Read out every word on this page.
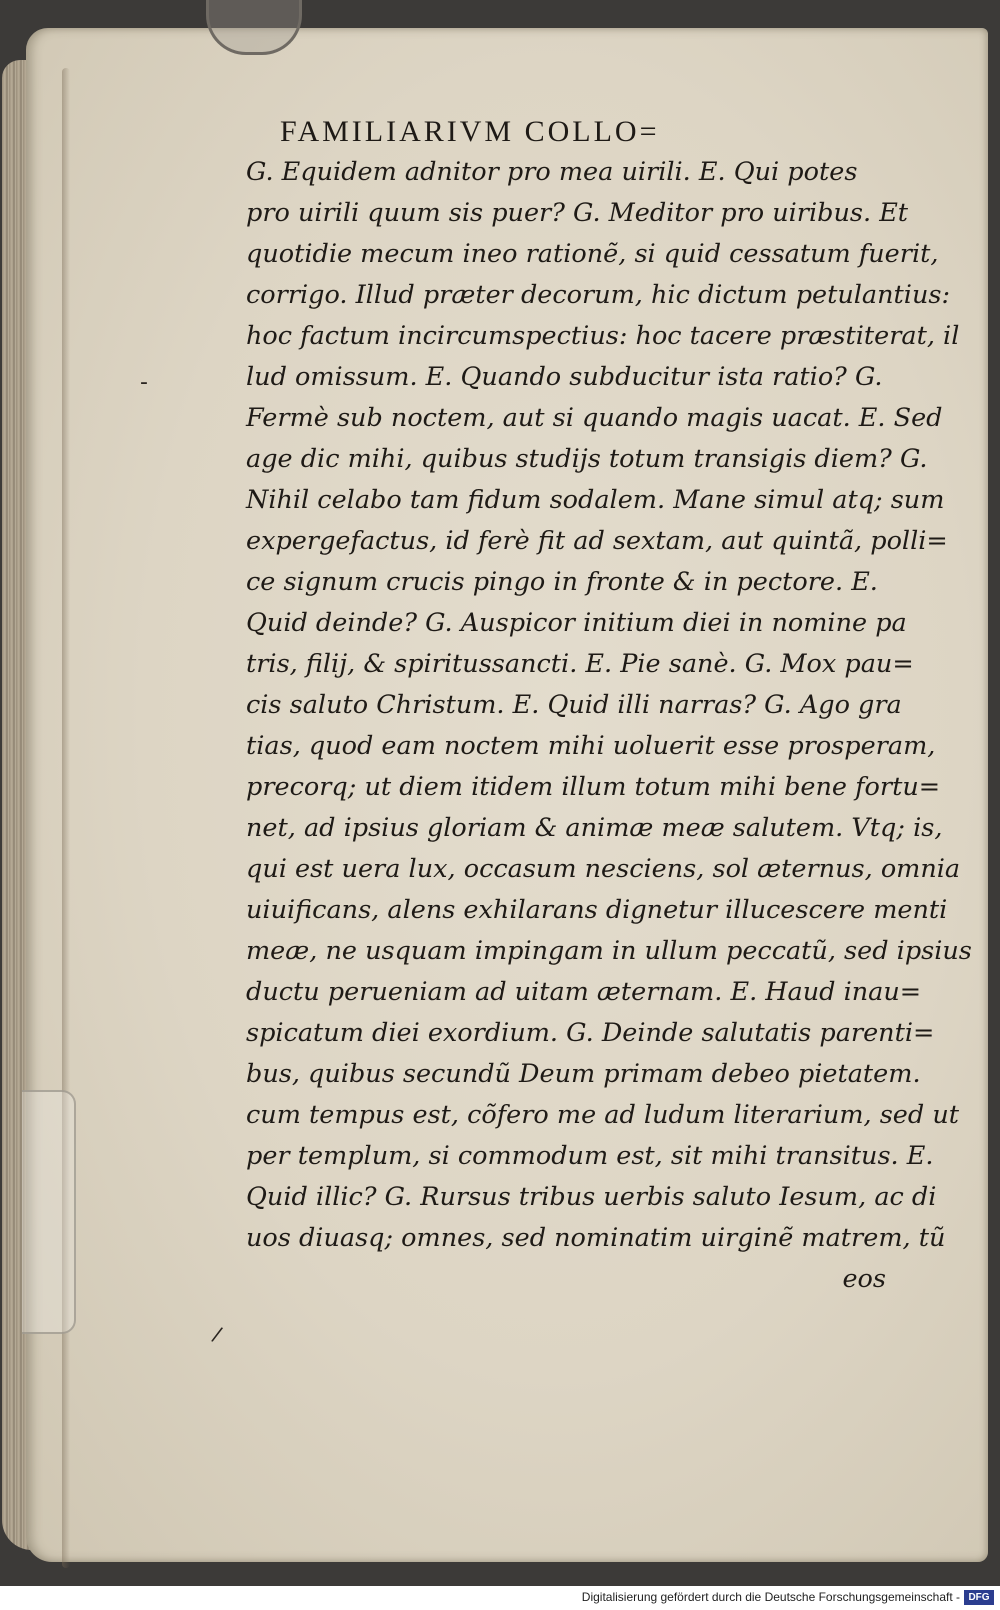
-
/
FAMILIARIVM COLLO=
G. Equidem adnitor pro mea uirili. E. Qui potes
pro uirili quum sis puer? G. Meditor pro uiribus. Et
quotidie mecum ineo rationẽ, si quid cessatum fuerit,
corrigo. Illud præter decorum, hic dictum petulantius:
hoc factum incircumspectius: hoc tacere præstiterat, il
lud omissum. E. Quando subducitur ista ratio? G.
Fermè sub noctem, aut si quando magis uacat. E. Sed
age dic mihi, quibus studijs totum transigis diem? G.
Nihil celabo tam fidum sodalem. Mane simul atq; sum
expergefactus, id ferè fit ad sextam, aut quintã, polli=
ce signum crucis pingo in fronte & in pectore. E.
Quid deinde? G. Auspicor initium diei in nomine pa
tris, filij, & spiritussancti. E. Pie sanè. G. Mox pau=
cis saluto Christum. E. Quid illi narras? G. Ago gra
tias, quod eam noctem mihi uoluerit esse prosperam,
precorq; ut diem itidem illum totum mihi bene fortu=
net, ad ipsius gloriam & animæ meæ salutem. Vtq; is,
qui est uera lux, occasum nesciens, sol æternus, omnia
uiuificans, alens exhilarans dignetur illucescere menti
meæ, ne usquam impingam in ullum peccatũ, sed ipsius
ductu perueniam ad uitam æternam. E. Haud inau=
spicatum diei exordium. G. Deinde salutatis parenti=
bus, quibus secundũ Deum primam debeo pietatem.
cum tempus est, cõfero me ad ludum literarium, sed ut
per templum, si commodum est, sit mihi transitus. E.
Quid illic? G. Rursus tribus uerbis saluto Iesum, ac di
uos diuasq; omnes, sed nominatim uirginẽ matrem, tũ
eos
Digitalisierung gefördert durch die Deutsche Forschungsgemeinschaft - DFG
